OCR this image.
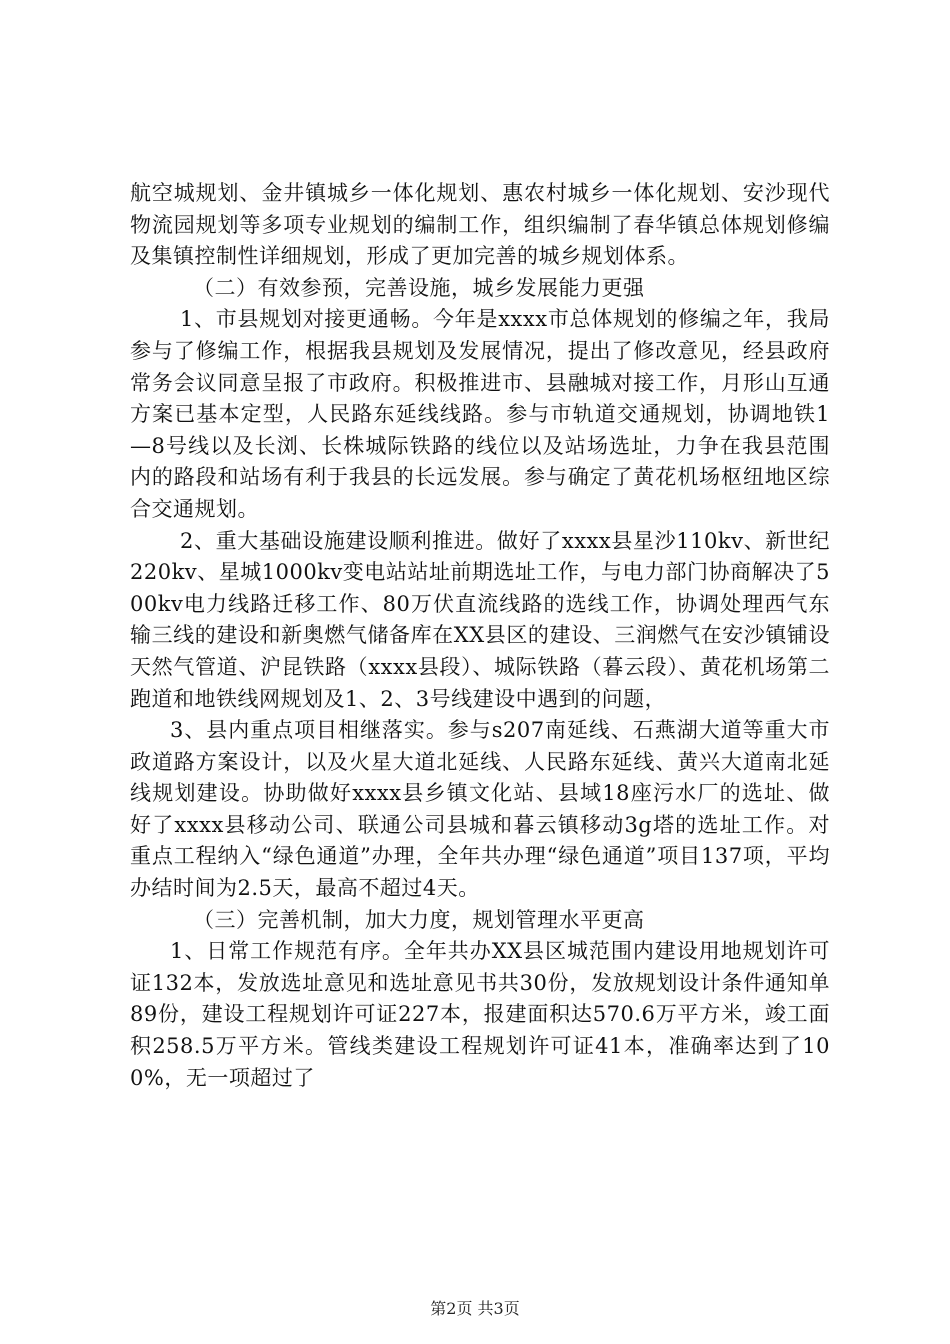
航空城规划、金井镇城乡一体化规划、惠农村城乡一体化规划、安沙现代物流园规划等多项专业规划的编制工作，组织编制了春华镇总体规划修编及集镇控制性详细规划，形成了更加完善的城乡规划体系。

（二）有效参预，完善设施，城乡发展能力更强

1、市县规划对接更通畅。今年是xxxx市总体规划的修编之年，我局参与了修编工作，根据我县规划及发展情况，提出了修改意见，经县政府常务会议同意呈报了市政府。积极推进市、县融城对接工作，月形山互通方案已基本定型，人民路东延线线路。参与市轨道交通规划，协调地铁1—8号线以及长浏、长株城际铁路的线位以及站场选址，力争在我县范围内的路段和站场有利于我县的长远发展。参与确定了黄花机场枢纽地区综合交通规划。

2、重大基础设施建设顺利推进。做好了xxxx县星沙110kv、新世纪220kv、星城1000kv变电站站址前期选址工作，与电力部门协商解决了500kv电力线路迁移工作、80万伏直流线路的选线工作，协调处理西气东输三线的建设和新奥燃气储备库在XX县区的建设、三润燃气在安沙镇铺设天然气管道、沪昆铁路（xxxx县段）、城际铁路（暮云段）、黄花机场第二跑道和地铁线网规划及1、2、3号线建设中遇到的问题，

3、县内重点项目相继落实。参与s207南延线、石燕湖大道等重大市政道路方案设计，以及火星大道北延线、人民路东延线、黄兴大道南北延线规划建设。协助做好xxxx县乡镇文化站、县域18座污水厂的选址、做好了xxxx县移动公司、联通公司县城和暮云镇移动3g塔的选址工作。对重点工程纳入“绿色通道”办理，全年共办理“绿色通道”项目137项，平均办结时间为2.5天，最高不超过4天。

（三）完善机制，加大力度，规划管理水平更高

1、日常工作规范有序。全年共办XX县区城范围内建设用地规划许可证132本，发放选址意见和选址意见书共30份，发放规划设计条件通知单89份，建设工程规划许可证227本，报建面积达570.6万平方米，竣工面积258.5万平方米。管线类建设工程规划许可证41本，准确率达到了100%，无一项超过了

第2页 共3页
